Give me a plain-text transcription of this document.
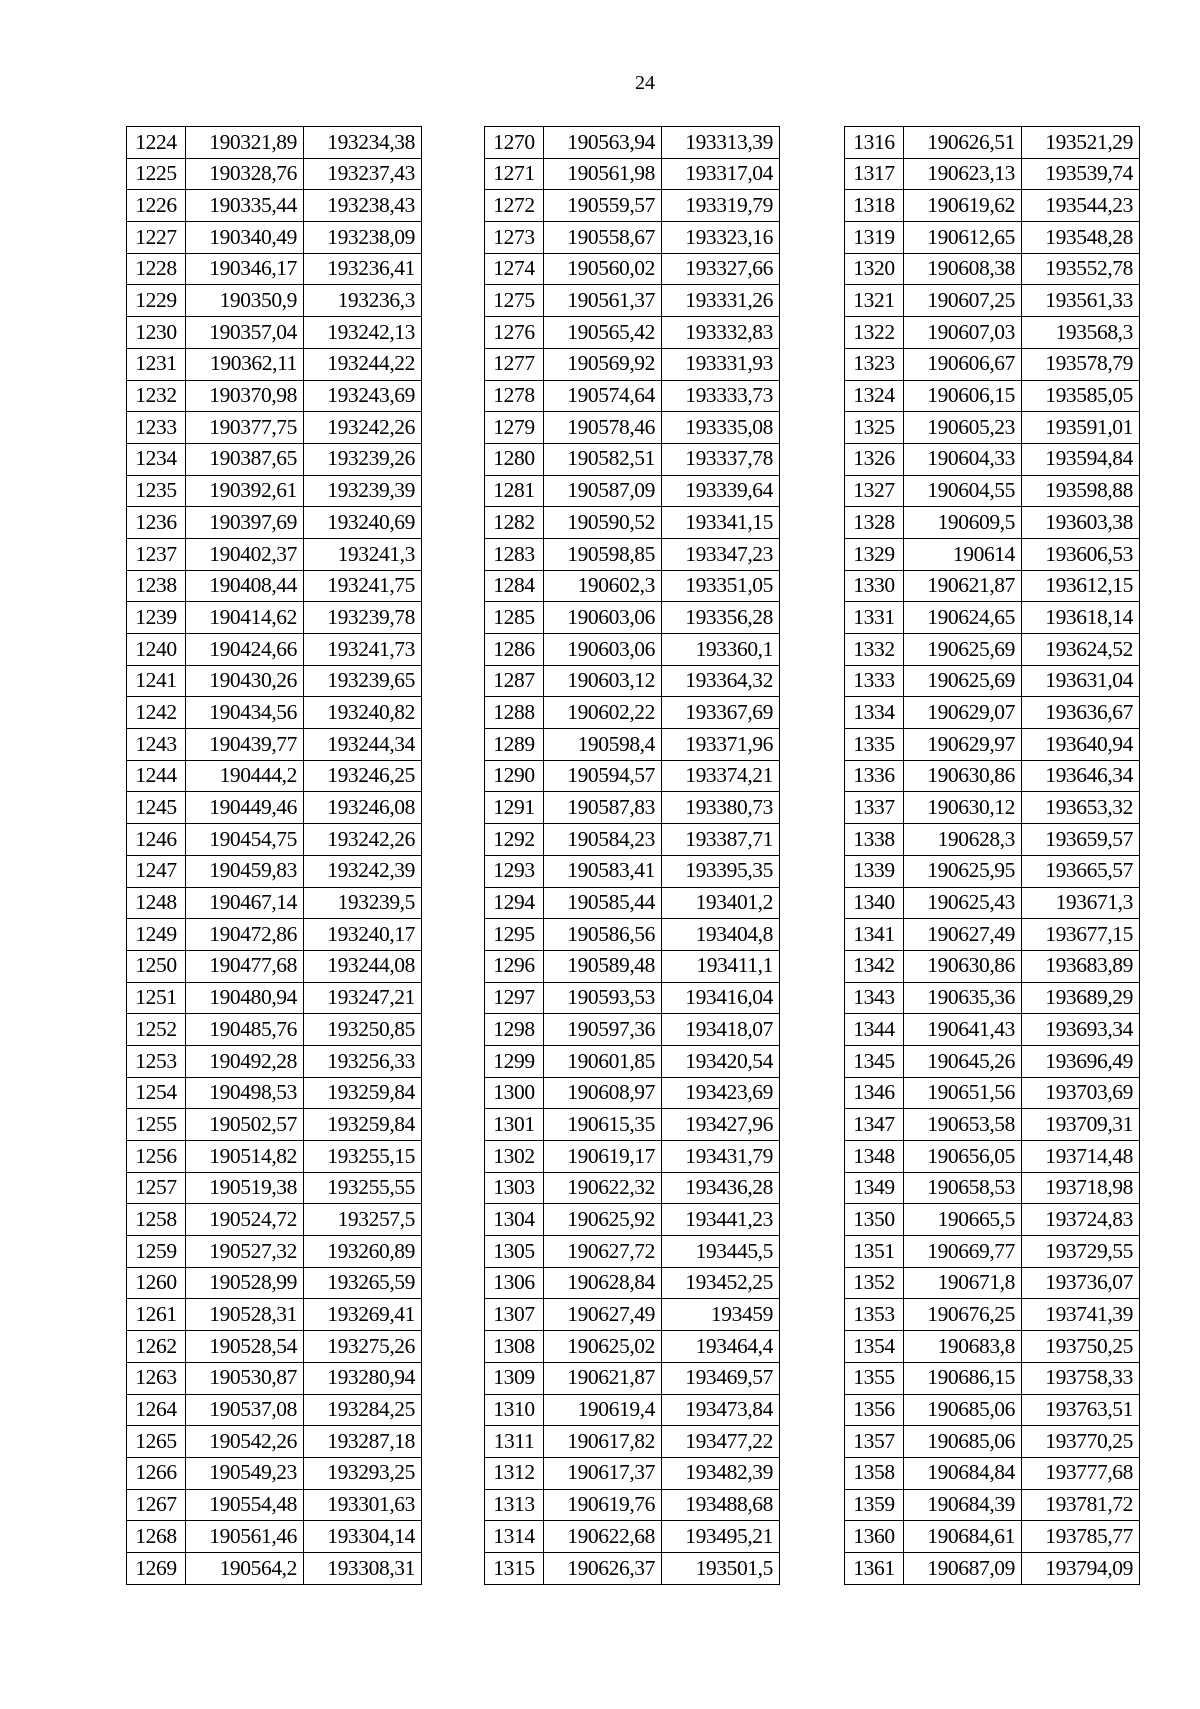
24
1224	190321,89	193234,38
1225	190328,76	193237,43
1226	190335,44	193238,43
1227	190340,49	193238,09
1228	190346,17	193236,41
1229	190350,9	193236,3
1230	190357,04	193242,13
1231	190362,11	193244,22
1232	190370,98	193243,69
1233	190377,75	193242,26
1234	190387,65	193239,26
1235	190392,61	193239,39
1236	190397,69	193240,69
1237	190402,37	193241,3
1238	190408,44	193241,75
1239	190414,62	193239,78
1240	190424,66	193241,73
1241	190430,26	193239,65
1242	190434,56	193240,82
1243	190439,77	193244,34
1244	190444,2	193246,25
1245	190449,46	193246,08
1246	190454,75	193242,26
1247	190459,83	193242,39
1248	190467,14	193239,5
1249	190472,86	193240,17
1250	190477,68	193244,08
1251	190480,94	193247,21
1252	190485,76	193250,85
1253	190492,28	193256,33
1254	190498,53	193259,84
1255	190502,57	193259,84
1256	190514,82	193255,15
1257	190519,38	193255,55
1258	190524,72	193257,5
1259	190527,32	193260,89
1260	190528,99	193265,59
1261	190528,31	193269,41
1262	190528,54	193275,26
1263	190530,87	193280,94
1264	190537,08	193284,25
1265	190542,26	193287,18
1266	190549,23	193293,25
1267	190554,48	193301,63
1268	190561,46	193304,14
1269	190564,2	193308,31
1270	190563,94	193313,39
1271	190561,98	193317,04
1272	190559,57	193319,79
1273	190558,67	193323,16
1274	190560,02	193327,66
1275	190561,37	193331,26
1276	190565,42	193332,83
1277	190569,92	193331,93
1278	190574,64	193333,73
1279	190578,46	193335,08
1280	190582,51	193337,78
1281	190587,09	193339,64
1282	190590,52	193341,15
1283	190598,85	193347,23
1284	190602,3	193351,05
1285	190603,06	193356,28
1286	190603,06	193360,1
1287	190603,12	193364,32
1288	190602,22	193367,69
1289	190598,4	193371,96
1290	190594,57	193374,21
1291	190587,83	193380,73
1292	190584,23	193387,71
1293	190583,41	193395,35
1294	190585,44	193401,2
1295	190586,56	193404,8
1296	190589,48	193411,1
1297	190593,53	193416,04
1298	190597,36	193418,07
1299	190601,85	193420,54
1300	190608,97	193423,69
1301	190615,35	193427,96
1302	190619,17	193431,79
1303	190622,32	193436,28
1304	190625,92	193441,23
1305	190627,72	193445,5
1306	190628,84	193452,25
1307	190627,49	193459
1308	190625,02	193464,4
1309	190621,87	193469,57
1310	190619,4	193473,84
1311	190617,82	193477,22
1312	190617,37	193482,39
1313	190619,76	193488,68
1314	190622,68	193495,21
1315	190626,37	193501,5
1316	190626,51	193521,29
1317	190623,13	193539,74
1318	190619,62	193544,23
1319	190612,65	193548,28
1320	190608,38	193552,78
1321	190607,25	193561,33
1322	190607,03	193568,3
1323	190606,67	193578,79
1324	190606,15	193585,05
1325	190605,23	193591,01
1326	190604,33	193594,84
1327	190604,55	193598,88
1328	190609,5	193603,38
1329	190614	193606,53
1330	190621,87	193612,15
1331	190624,65	193618,14
1332	190625,69	193624,52
1333	190625,69	193631,04
1334	190629,07	193636,67
1335	190629,97	193640,94
1336	190630,86	193646,34
1337	190630,12	193653,32
1338	190628,3	193659,57
1339	190625,95	193665,57
1340	190625,43	193671,3
1341	190627,49	193677,15
1342	190630,86	193683,89
1343	190635,36	193689,29
1344	190641,43	193693,34
1345	190645,26	193696,49
1346	190651,56	193703,69
1347	190653,58	193709,31
1348	190656,05	193714,48
1349	190658,53	193718,98
1350	190665,5	193724,83
1351	190669,77	193729,55
1352	190671,8	193736,07
1353	190676,25	193741,39
1354	190683,8	193750,25
1355	190686,15	193758,33
1356	190685,06	193763,51
1357	190685,06	193770,25
1358	190684,84	193777,68
1359	190684,39	193781,72
1360	190684,61	193785,77
1361	190687,09	193794,09
